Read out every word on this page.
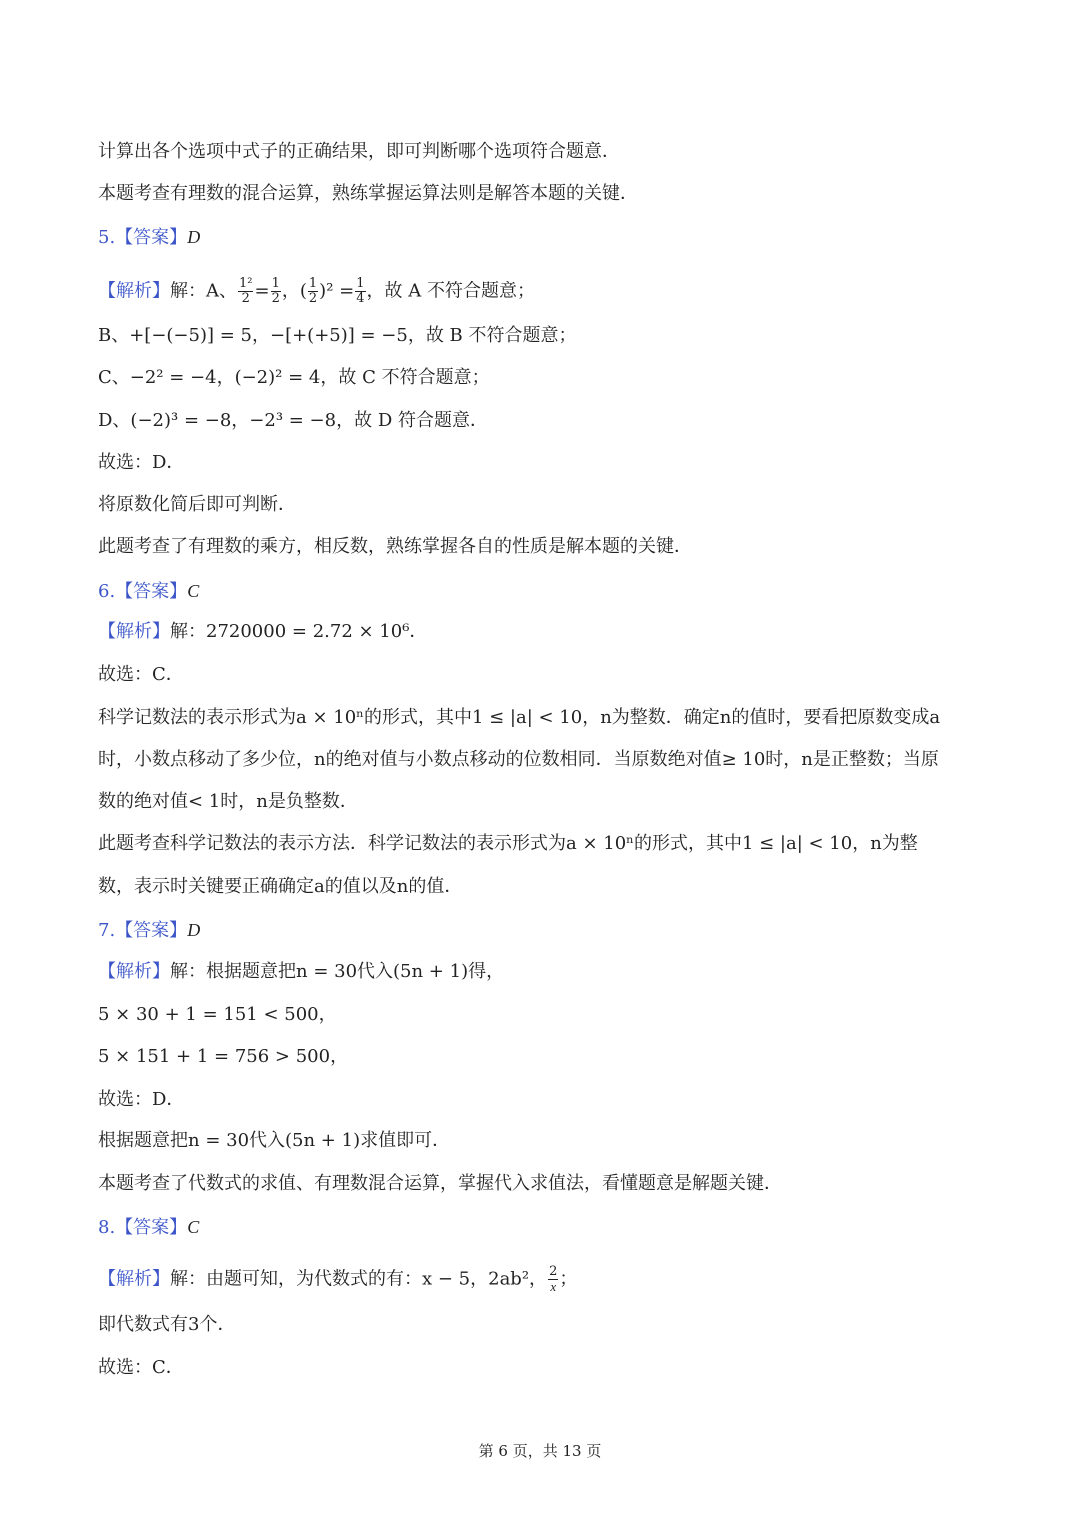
计算出各个选项中式子的正确结果，即可判断哪个选项符合题意．
本题考查有理数的混合运算，熟练掌握运算法则是解答本题的关键．
5.【答案】D
【解析】解：A、 $\frac{\text{1²}}{2} = \frac{1}{2}$ ，( $\frac{1}{2} )^2 = \frac{1}{4}$ ，故 A 不符合题意；
B、+[−(−5)] = 5，−[+(+5)] = −5，故 B 不符合题意；
C、−2² = −4，(−2)² = 4，故 C 不符合题意；
D、(−2)³ = −8，−2³ = −8，故 D 符合题意．
故选：D．
将原数化简后即可判断．
此题考查了有理数的乘方，相反数，熟练掌握各自的性质是解本题的关键．
6.【答案】C
【解析】解：2720000 = 2.72 × 10⁶．
故选：C．
科学记数法的表示形式为a × 10ⁿ的形式，其中1 ≤ |a| < 10，n为整数．确定n的值时，要看把原数变成a
时，小数点移动了多少位，n的绝对值与小数点移动的位数相同．当原数绝对值≥ 10时，n是正整数；当原
数的绝对值< 1时，n是负整数．
此题考查科学记数法的表示方法．科学记数法的表示形式为a × 10ⁿ的形式，其中1 ≤ |a| < 10，n为整
数，表示时关键要正确确定a的值以及n的值．
7.【答案】D
【解析】解：根据题意把n = 30代入(5n + 1)得，
5 × 30 + 1 = 151 < 500，
5 × 151 + 1 = 756 > 500，
故选：D．
根据题意把n = 30代入(5n + 1)求值即可．
本题考查了代数式的求值、有理数混合运算，掌握代入求值法，看懂题意是解题关键．
8.【答案】C
【解析】解：由题可知，为代数式的有：x − 5，2ab²， $\frac{2}{x}$ ；
即代数式有3个．
故选：C．
第 6 页，共 13 页
